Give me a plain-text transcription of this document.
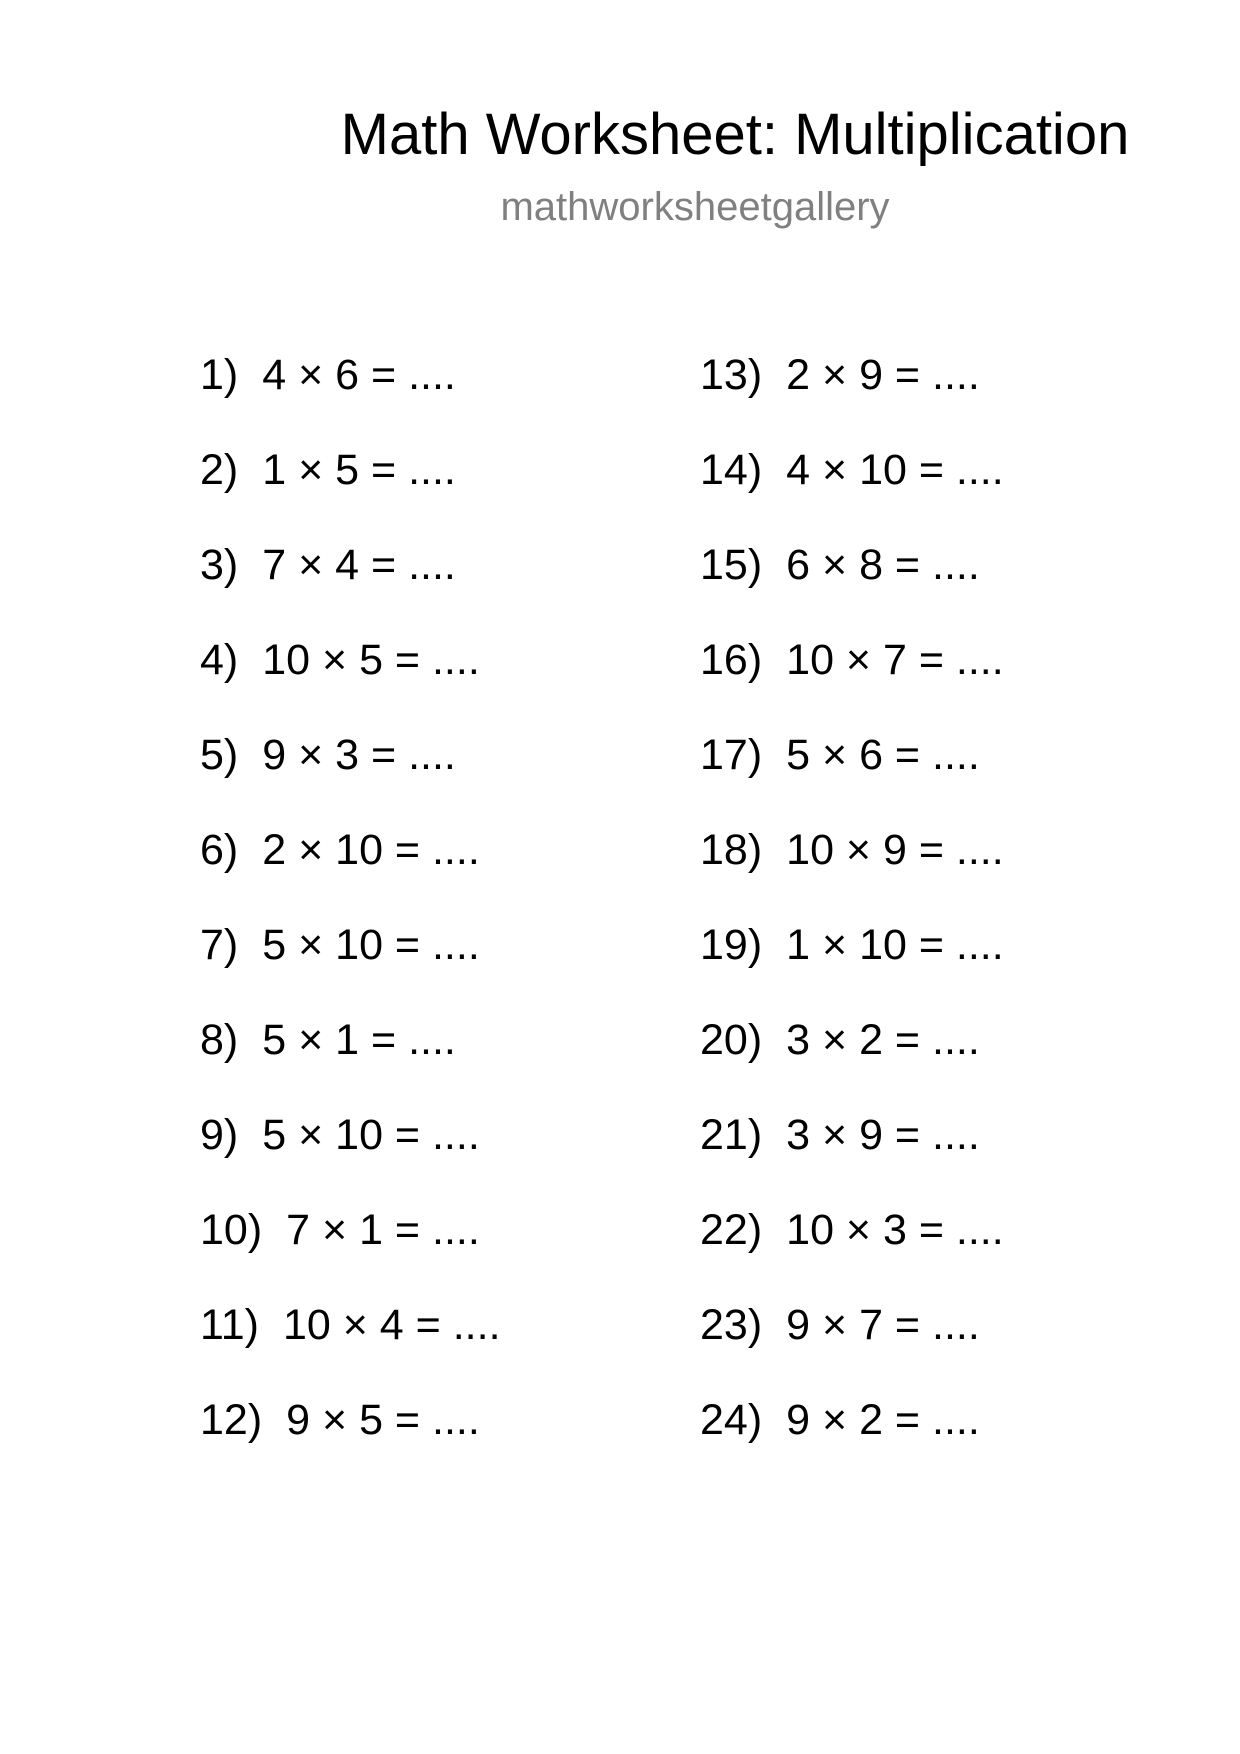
Math Worksheet: Multiplication
mathworksheetgallery
1) 4 × 6 = ....
2) 1 × 5 = ....
3) 7 × 4 = ....
4) 10 × 5 = ....
5) 9 × 3 = ....
6) 2 × 10 = ....
7) 5 × 10 = ....
8) 5 × 1 = ....
9) 5 × 10 = ....
10) 7 × 1 = ....
11) 10 × 4 = ....
12) 9 × 5 = ....
13) 2 × 9 = ....
14) 4 × 10 = ....
15) 6 × 8 = ....
16) 10 × 7 = ....
17) 5 × 6 = ....
18) 10 × 9 = ....
19) 1 × 10 = ....
20) 3 × 2 = ....
21) 3 × 9 = ....
22) 10 × 3 = ....
23) 9 × 7 = ....
24) 9 × 2 = ....
